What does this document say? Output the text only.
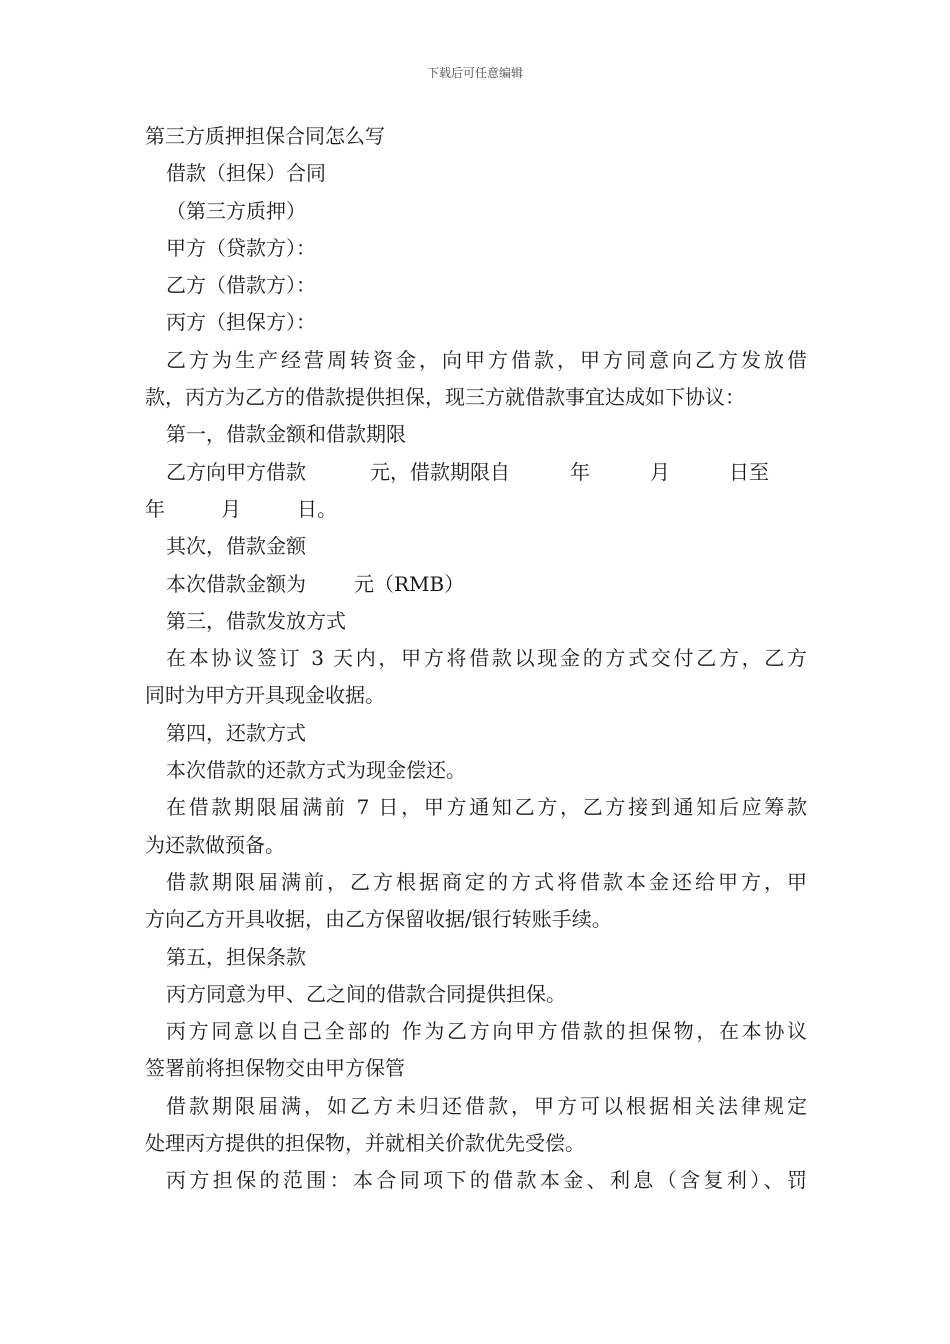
下载后可任意编辑
第三方质押担保合同怎么写
借款（担保）合同
（第三方质押）
甲方（贷款方）：
乙方（借款方）：
丙方（担保方）：
乙方为生产经营周转资金，向甲方借款，甲方同意向乙方发放借
款，丙方为乙方的借款提供担保，现三方就借款事宜达成如下协议：
第一，借款金额和借款期限
乙方向甲方借款	元，借款期限自	年	月	日至
年	月	日。
其次，借款金额
本次借款金额为 元（RMB）
第三，借款发放方式
在本协议签订 3 天内，甲方将借款以现金的方式交付乙方，乙方
同时为甲方开具现金收据。
第四，还款方式
本次借款的还款方式为现金偿还。
在借款期限届满前 7 日，甲方通知乙方，乙方接到通知后应筹款
为还款做预备。
借款期限届满前，乙方根据商定的方式将借款本金还给甲方，甲
方向乙方开具收据，由乙方保留收据/银行转账手续。
第五，担保条款
丙方同意为甲、乙之间的借款合同提供担保。
丙方同意以自己全部的 作为乙方向甲方借款的担保物，在本协议
签署前将担保物交由甲方保管
借款期限届满，如乙方未归还借款，甲方可以根据相关法律规定
处理丙方提供的担保物，并就相关价款优先受偿。
丙方担保的范围：本合同项下的借款本金、利息（含复利）、罚
